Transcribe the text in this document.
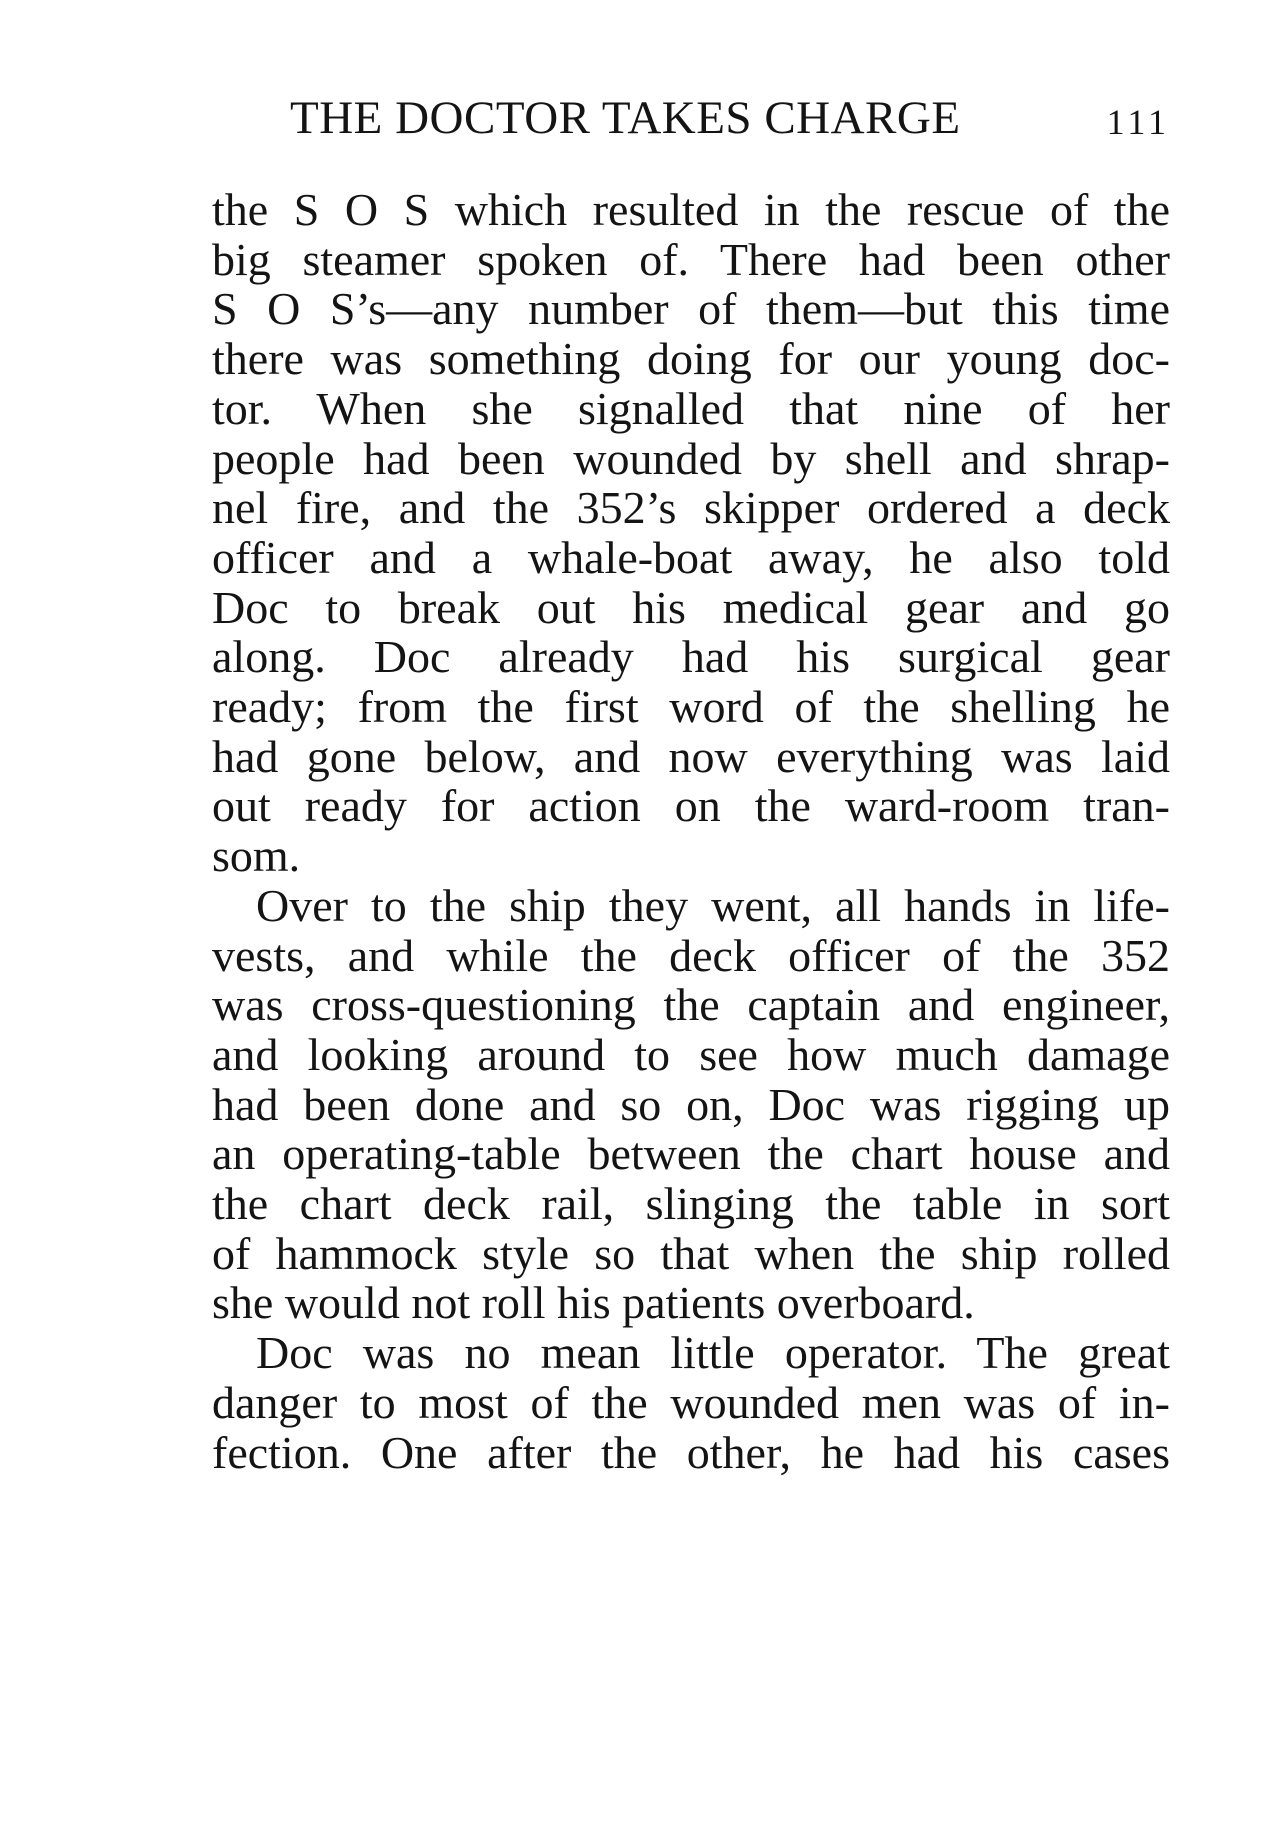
THE DOCTOR TAKES CHARGE	111
the S O S which resulted in the rescue of the
big steamer spoken of. There had been other
S O S’s—any number of them—but this time
there was something doing for our young doc-
tor. When she signalled that nine of her
people had been wounded by shell and shrap-
nel fire, and the 352’s skipper ordered a deck
officer and a whale-boat away, he also told
Doc to break out his medical gear and go
along. Doc already had his surgical gear
ready; from the first word of the shelling he
had gone below, and now everything was laid
out ready for action on the ward-room tran-
som.
Over to the ship they went, all hands in life-
vests, and while the deck officer of the 352
was cross-questioning the captain and engineer,
and looking around to see how much damage
had been done and so on, Doc was rigging up
an operating-table between the chart house and
the chart deck rail, slinging the table in sort
of hammock style so that when the ship rolled
she would not roll his patients overboard.
Doc was no mean little operator. The great
danger to most of the wounded men was of in-
fection. One after the other, he had his cases
